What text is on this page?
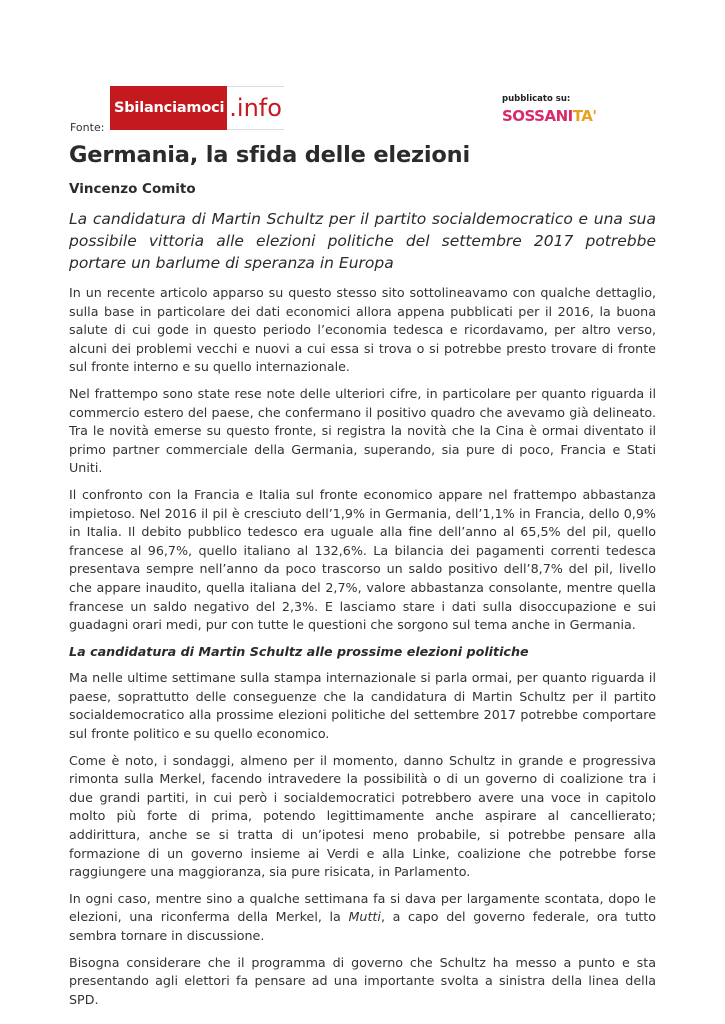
Fonte:
Sbilanciamoci .info	pubblicato su:
SOSSANI TA'
Germania, la sfida delle elezioni
Vincenzo Comito
La candidatura di Martin Schultz per il partito socialdemocratico e una sua possibile vittoria alle elezioni politiche del settembre 2017 potrebbe portare un barlume di speranza in Europa

In un recente articolo apparso su questo stesso sito sottolineavamo con qualche dettaglio, sulla base in particolare dei dati economici allora appena pubblicati per il 2016, la buona salute di cui gode in questo periodo l’economia tedesca e ricordavamo, per altro verso, alcuni dei problemi vecchi e nuovi a cui essa si trova o si potrebbe presto trovare di fronte sul fronte interno e su quello internazionale.

Nel frattempo sono state rese note delle ulteriori cifre, in particolare per quanto riguarda il commercio estero del paese, che confermano il positivo quadro che avevamo già delineato. Tra le novità emerse su questo fronte, si registra la novità che la Cina è ormai diventato il primo partner commerciale della Germania, superando, sia pure di poco, Francia e Stati Uniti.

Il confronto con la Francia e Italia sul fronte economico appare nel frattempo abbastanza impietoso. Nel 2016 il pil è cresciuto dell’1,9% in Germania, dell’1,1% in Francia, dello 0,9% in Italia. Il debito pubblico tedesco era uguale alla fine dell’anno al 65,5% del pil, quello francese al 96,7%, quello italiano al 132,6%. La bilancia dei pagamenti correnti tedesca presentava sempre nell’anno da poco trascorso un saldo positivo dell’8,7% del pil, livello che appare inaudito, quella italiana del 2,7%, valore abbastanza consolante, mentre quella francese un saldo negativo del 2,3%. E lasciamo stare i dati sulla disoccupazione e sui guadagni orari medi, pur con tutte le questioni che sorgono sul tema anche in Germania.

La candidatura di Martin Schultz alle prossime elezioni politiche

Ma nelle ultime settimane sulla stampa internazionale si parla ormai, per quanto riguarda il paese, soprattutto delle conseguenze che la candidatura di Martin Schultz per il partito socialdemocratico alla prossime elezioni politiche del settembre 2017 potrebbe comportare sul fronte politico e su quello economico.

Come è noto, i sondaggi, almeno per il momento, danno Schultz in grande e progressiva rimonta sulla Merkel, facendo intravedere la possibilità o di un governo di coalizione tra i due grandi partiti, in cui però i socialdemocratici potrebbero avere una voce in capitolo molto più forte di prima, potendo legittimamente anche aspirare al cancellierato; addirittura, anche se si tratta di un’ipotesi meno probabile, si potrebbe pensare alla formazione di un governo insieme ai Verdi e alla Linke, coalizione che potrebbe forse raggiungere una maggioranza, sia pure risicata, in Parlamento.

In ogni caso, mentre sino a qualche settimana fa si dava per largamente scontata, dopo le elezioni, una riconferma della Merkel, la Mutti, a capo del governo federale, ora tutto sembra tornare in discussione.

Bisogna considerare che il programma di governo che Schultz ha messo a punto e sta presentando agli elettori fa pensare ad una importante svolta a sinistra della linea della SPD.
